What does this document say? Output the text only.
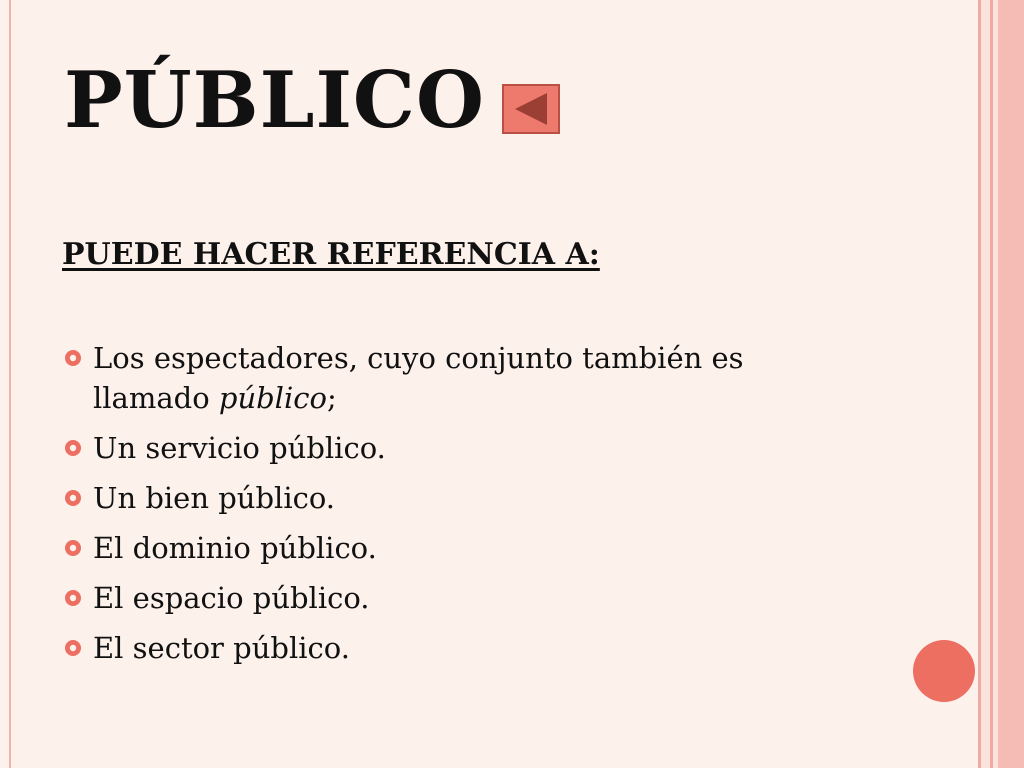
PÚBLICO
PUEDE HACER REFERENCIA A:
Los espectadores, cuyo conjunto también es llamado público;
Un servicio público.
Un bien público.
El dominio público.
El espacio público.
El sector público.
